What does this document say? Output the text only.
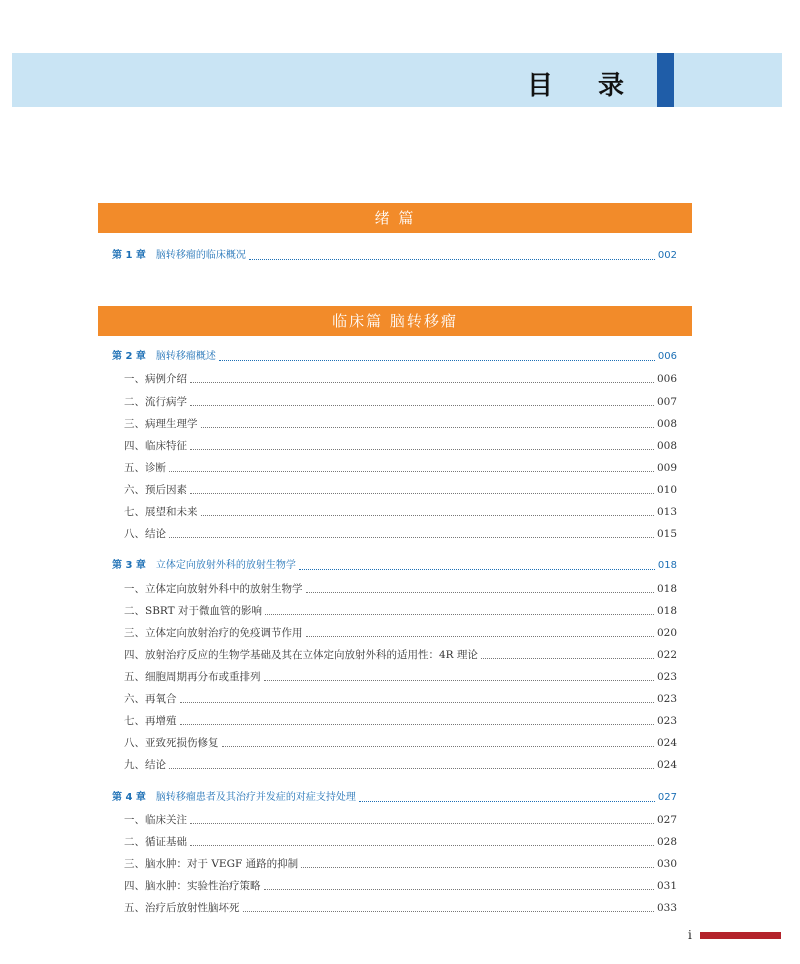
目 录
绪 篇
临床篇 脑转移瘤
第 1 章 脑转移瘤的临床概况	002
第 2 章 脑转移瘤概述	006
一、病例介绍	006
二、流行病学	007
三、病理生理学	008
四、临床特征	008
五、诊断	009
六、预后因素	010
七、展望和未来	013
八、结论	015
第 3 章 立体定向放射外科的放射生物学	018
一、立体定向放射外科中的放射生物学	018
二、SBRT 对于微血管的影响	018
三、立体定向放射治疗的免疫调节作用	020
四、放射治疗反应的生物学基础及其在立体定向放射外科的适用性：4R 理论	022
五、细胞周期再分布或重排列	023
六、再氧合	023
七、再增殖	023
八、亚致死损伤修复	024
九、结论	024
第 4 章 脑转移瘤患者及其治疗并发症的对症支持处理	027
一、临床关注	027
二、循证基础	028
三、脑水肿：对于 VEGF 通路的抑制	030
四、脑水肿：实验性治疗策略	031
五、治疗后放射性脑坏死	033
i
